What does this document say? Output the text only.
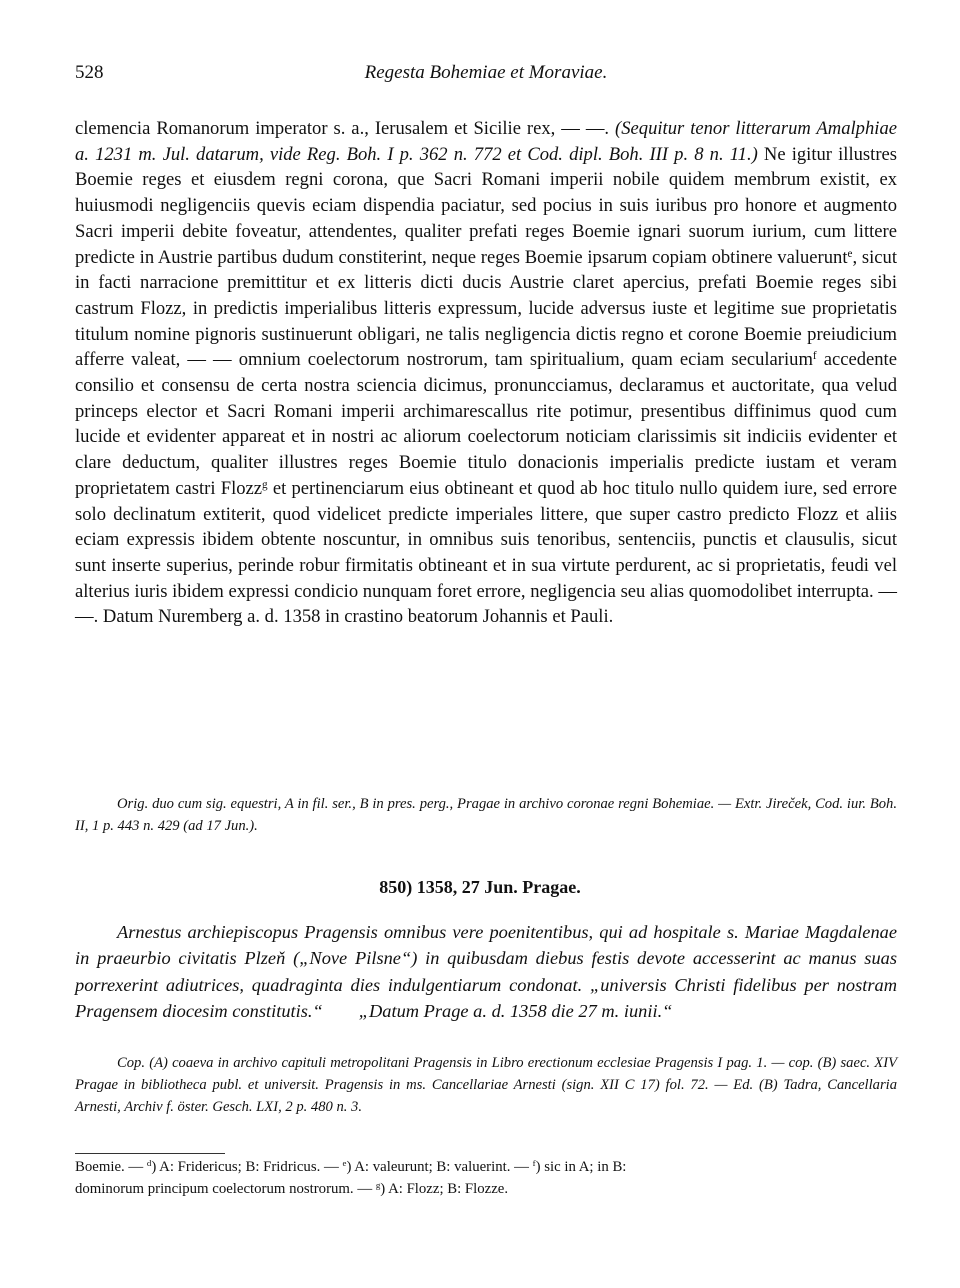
528	Regesta Bohemiae et Moraviae.

clemencia Romanorum imperator s. a., Ierusalem et Sicilie rex, — —. (Sequitur tenor litterarum Amalphiae a. 1231 m. Jul. datarum, vide Reg. Boh. I p. 362 n. 772 et Cod. dipl. Boh. III p. 8 n. 11.) Ne igitur illustres Boemie reges et eiusdem regni corona, que Sacri Romani imperii nobile quidem membrum existit, ex huiusmodi negligenciis quevis eciam dispendia paciatur, sed pocius in suis iuribus pro honore et augmento Sacri imperii debite foveatur, attendentes, qualiter prefati reges Boemie ignari suorum iurium, cum littere predicte in Austrie partibus dudum constiterint, neque reges Boemie ipsarum copiam obtinere valuerunt$^e$, sicut in facti narracione premittitur et ex litteris dicti ducis Austrie claret apercius, prefati Boemie reges sibi castrum Flozz, in predictis imperialibus litteris expressum, lucide adversus iuste et legitime sue proprietatis titulum nomine pignoris sustinuerunt obligari, ne talis negligencia dictis regno et corone Boemie preiudicium afferre valeat, — — omnium coelectorum nostrorum, tam spiritualium, quam eciam secularium$^f$ accedente consilio et consensu de certa nostra sciencia dicimus, pronuncciamus, declaramus et auctoritate, qua velud princeps elector et Sacri Romani imperii archimarescallus rite potimur, presentibus diffinimus quod cum lucide et evidenter appareat et in nostri ac aliorum coelectorum noticiam clarissimis sit indiciis evidenter et clare deductum, qualiter illustres reges Boemie titulo donacionis imperialis predicte iustam et veram proprietatem castri Flozz$^g$ et pertinenciarum eius obtineant et quod ab hoc titulo nullo quidem iure, sed errore solo declinatum extiterit, quod videlicet predicte imperiales littere, que super castro predicto Flozz et aliis eciam expressis ibidem obtente noscuntur, in omnibus suis tenoribus, sentenciis, punctis et clausulis, sicut sunt inserte superius, perinde robur firmitatis obtineant et in sua virtute perdurent, ac si proprietatis, feudi vel alterius iuris ibidem expressi condicio nunquam foret errore, negligencia seu alias quomodolibet interrupta. — —. Datum Nuremberg a. d. 1358 in crastino beatorum Johannis et Pauli.

Orig. duo cum sig. equestri, A in fil. ser., B in pres. perg., Pragae in archivo coronae regni Bohemiae. — Extr. Jireček, Cod. iur. Boh. II, 1 p. 443 n. 429 (ad 17 Jun.).

850) 1358, 27 Jun. Pragae.

Arnestus archiepiscopus Pragensis omnibus vere poenitentibus, qui ad hospitale s. Mariae Magdalenae in praeurbio civitatis Plzeň („Nove Pilsne“) in quibusdam diebus festis devote accesserint ac manus suas porrexerint adiutrices, quadraginta dies indulgentiarum condonat. „universis Christi fidelibus per nostram Pragensem diocesim constitutis.“ „Datum Prage a. d. 1358 die 27 m. iunii.“

Cop. (A) coaeva in archivo capituli metropolitani Pragensis in Libro erectionum ecclesiae Pragensis I pag. 1. — cop. (B) saec. XIV Pragae in bibliotheca publ. et universit. Pragensis in ms. Cancellariae Arnesti (sign. XII C 17) fol. 72. — Ed. (B) Tadra, Cancellaria Arnesti, Archiv f. öster. Gesch. LXI, 2 p. 480 n. 3.

Boemie. — $^d$) A: Fridericus; B: Fridricus. — $^e$) A: valeurunt; B: valuerint. — $^f$) sic in A; in B:

dominorum principum coelectorum nostrorum. — $^g$) A: Flozz; B: Flozze.
